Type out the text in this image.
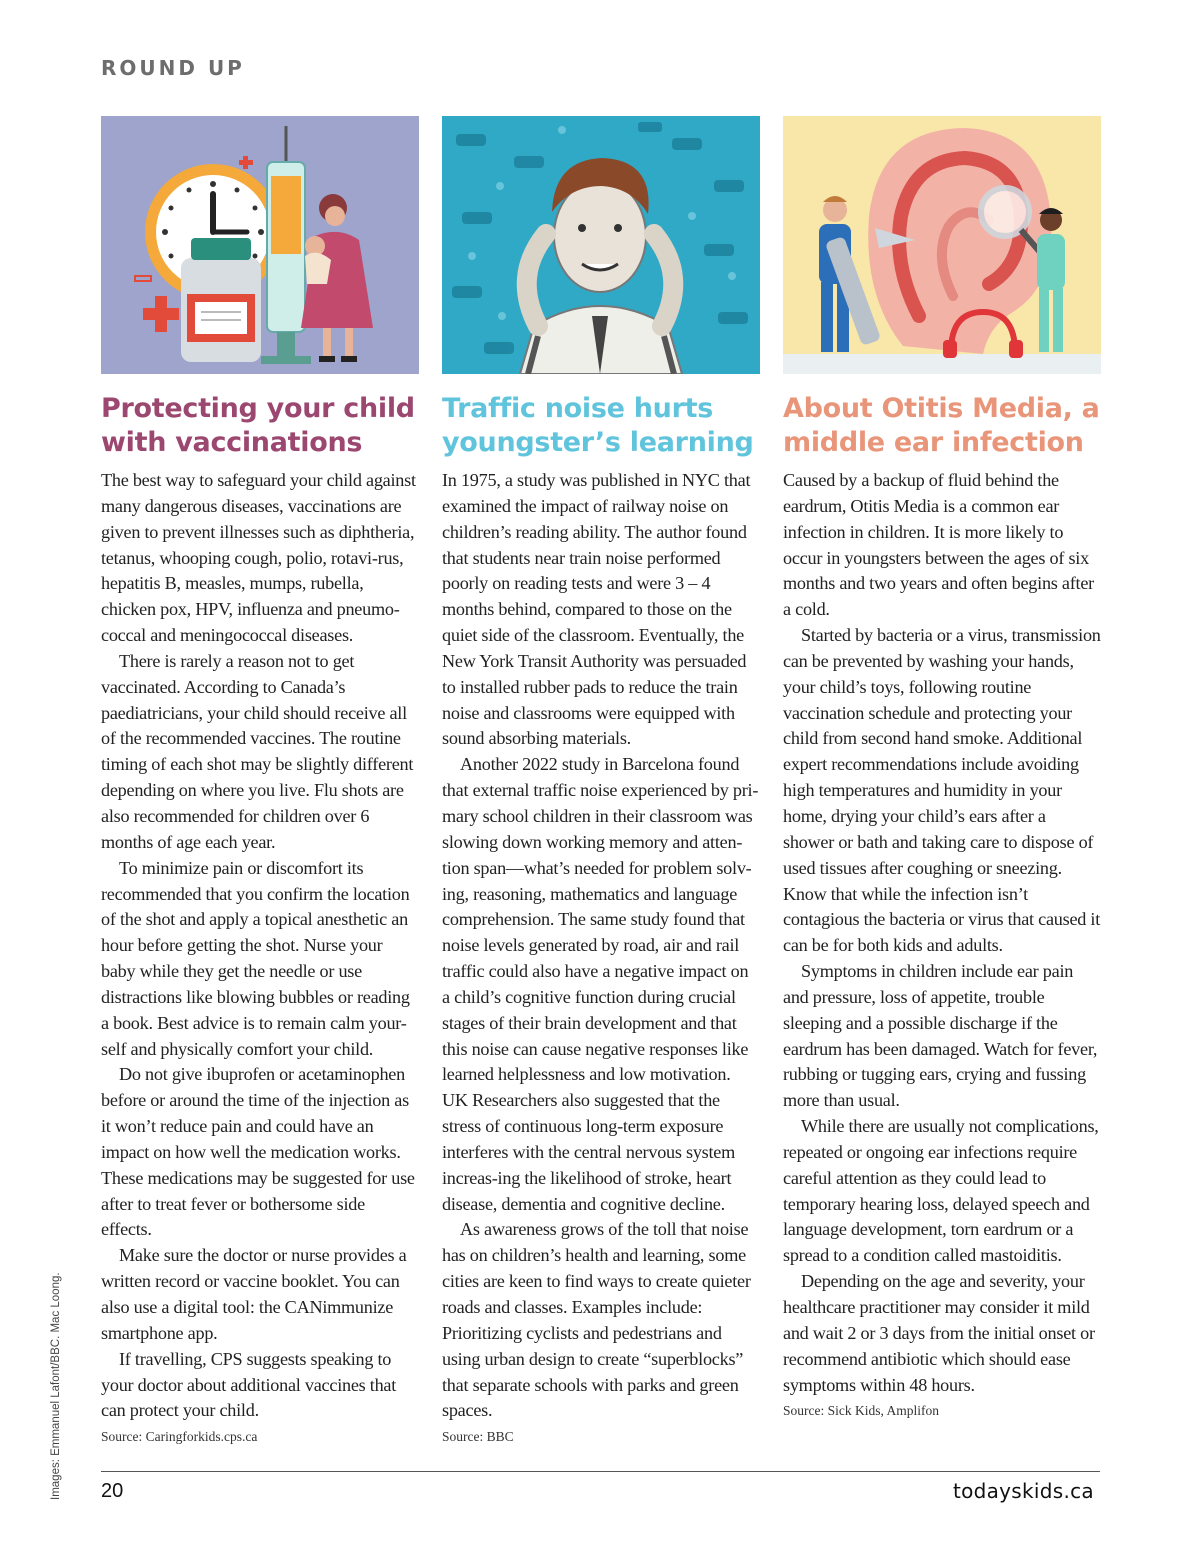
ROUND UP
Protecting your child with vaccinations

The best way to safeguard your child against many dangerous diseases, vaccinations are given to prevent illnesses such as diphtheria, tetanus, whooping cough, polio, rotavi-rus, hepatitis B, measles, mumps, rubella, chicken pox, HPV, influenza and pneumo-coccal and meningococcal diseases.

There is rarely a reason not to get vaccinated. According to Canada’s paediatricians, your child should receive all of the recommended vaccines. The routine timing of each shot may be slightly different depending on where you live. Flu shots are also recommended for children over 6 months of age each year.

To minimize pain or discomfort its recommended that you confirm the location of the shot and apply a topical anesthetic an hour before getting the shot. Nurse your baby while they get the needle or use distractions like blowing bubbles or reading a book. Best advice is to remain calm your-self and physically comfort your child.

Do not give ibuprofen or acetaminophen before or around the time of the injection as it won’t reduce pain and could have an impact on how well the medication works. These medications may be suggested for use after to treat fever or bothersome side effects.

Make sure the doctor or nurse provides a written record or vaccine booklet. You can also use a digital tool: the CANimmunize smartphone app.

If travelling, CPS suggests speaking to your doctor about additional vaccines that can protect your child.

Source: Caringforkids.cps.ca
Traffic noise hurts youngster’s learning

In 1975, a study was published in NYC that examined the impact of railway noise on children’s reading ability. The author found that students near train noise performed poorly on reading tests and were 3 – 4 months behind, compared to those on the quiet side of the classroom. Eventually, the New York Transit Authority was persuaded to installed rubber pads to reduce the train noise and classrooms were equipped with sound absorbing materials.

Another 2022 study in Barcelona found that external traffic noise experienced by pri-mary school children in their classroom was slowing down working memory and atten-tion span—what’s needed for problem solv-ing, reasoning, mathematics and language comprehension. The same study found that noise levels generated by road, air and rail traffic could also have a negative impact on a child’s cognitive function during crucial stages of their brain development and that this noise can cause negative responses like learned helplessness and low motivation. UK Researchers also suggested that the stress of continuous long-term exposure interferes with the central nervous system increas-ing the likelihood of stroke, heart disease, dementia and cognitive decline.

As awareness grows of the toll that noise has on children’s health and learning, some cities are keen to find ways to create quieter roads and classes. Examples include: Prioritizing cyclists and pedestrians and using urban design to create “superblocks” that separate schools with parks and green spaces.

Source: BBC
About Otitis Media, a middle ear infection

Caused by a backup of fluid behind the eardrum, Otitis Media is a common ear infection in children. It is more likely to occur in youngsters between the ages of six months and two years and often begins after a cold.

Started by bacteria or a virus, transmission can be prevented by washing your hands, your child’s toys, following routine vaccination schedule and protecting your child from second hand smoke. Additional expert recommendations include avoiding high temperatures and humidity in your home, drying your child’s ears after a shower or bath and taking care to dispose of used tissues after coughing or sneezing. Know that while the infection isn’t contagious the bacteria or virus that caused it can be for both kids and adults.

Symptoms in children include ear pain and pressure, loss of appetite, trouble sleeping and a possible discharge if the eardrum has been damaged. Watch for fever, rubbing or tugging ears, crying and fussing more than usual.

While there are usually not complications, repeated or ongoing ear infections require careful attention as they could lead to temporary hearing loss, delayed speech and language development, torn eardrum or a spread to a condition called mastoiditis.

Depending on the age and severity, your healthcare practitioner may consider it mild and wait 2 or 3 days from the initial onset or recommend antibiotic which should ease symptoms within 48 hours.

Source: Sick Kids, Amplifon
Images: Emmanuel Lafont/BBC. Mac Loong. 20	todayskids.ca
